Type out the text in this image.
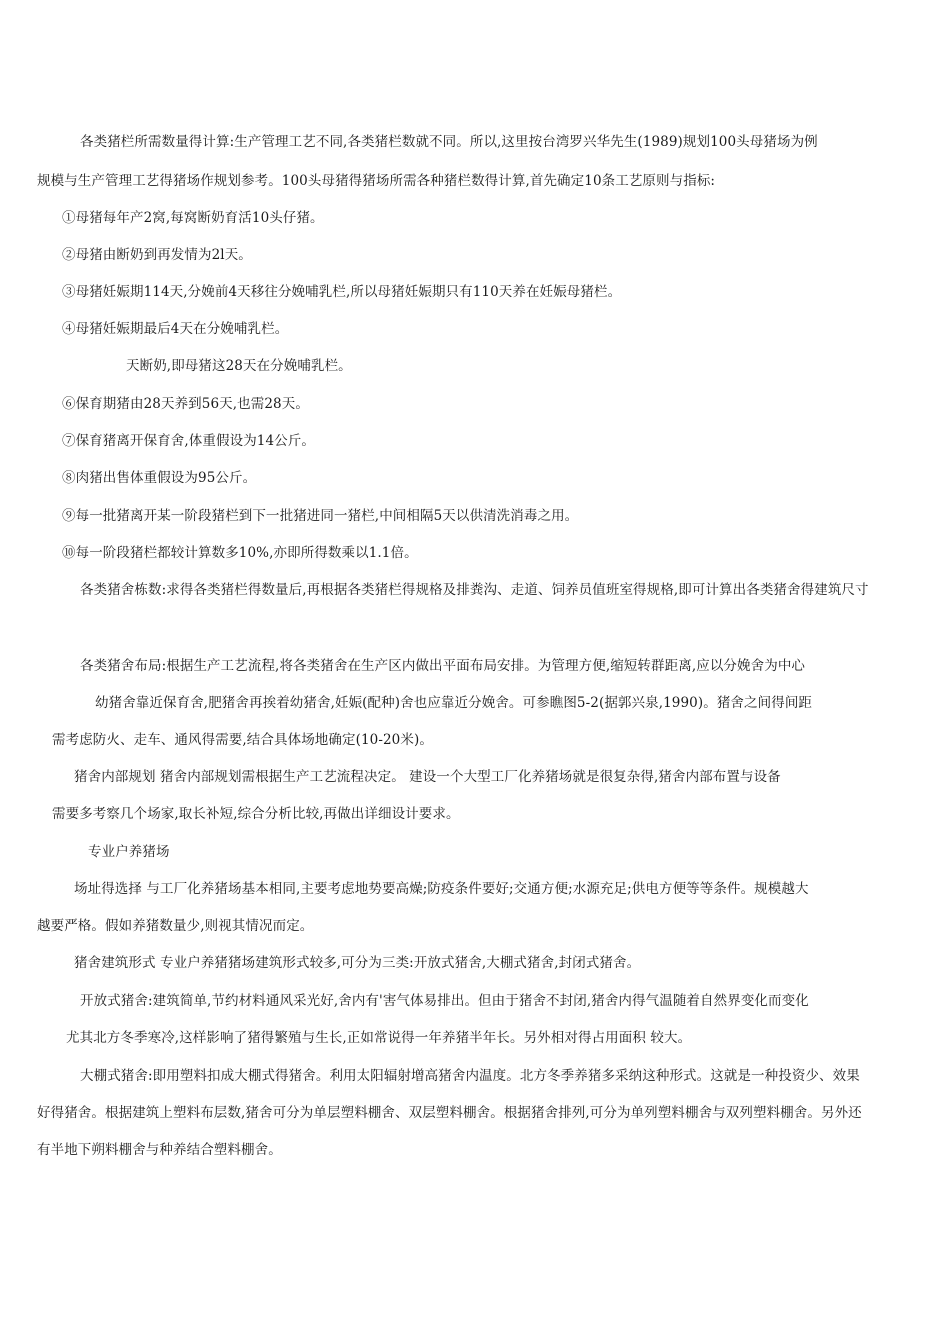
各类猪栏所需数量得计算:生产管理工艺不同,各类猪栏数就不同。所以,这里按台湾罗兴华先生(1989)规划100头母猪场为例
规模与生产管理工艺得猪场作规划参考。100头母猪得猪场所需各种猪栏数得计算,首先确定10条工艺原则与指标:
①母猪每年产2窝,每窝断奶育活10头仔猪。
②母猪由断奶到再发情为2l天。
③母猪妊娠期114天,分娩前4天移往分娩哺乳栏,所以母猪妊娠期只有110天养在妊娠母猪栏。
④母猪妊娠期最后4天在分娩哺乳栏。
天断奶,即母猪这28天在分娩哺乳栏。
⑥保育期猪由28天养到56天,也需28天。
⑦保育猪离开保育舍,体重假设为14公斤。
⑧肉猪出售体重假设为95公斤。
⑨每一批猪离开某一阶段猪栏到下一批猪进同一猪栏,中间相隔5天以供清洗消毒之用。
⑩每一阶段猪栏都较计算数多10%,亦即所得数乘以1.1倍。
各类猪舍栋数:求得各类猪栏得数量后,再根据各类猪栏得规格及排粪沟、走道、饲养员值班室得规格,即可计算出各类猪舍得建筑尺寸
各类猪舍布局:根据生产工艺流程,将各类猪舍在生产区内做出平面布局安排。为管理方便,缩短转群距离,应以分娩舍为中心
幼猪舍靠近保育舍,肥猪舍再挨着幼猪舍,妊娠(配种)舍也应靠近分娩舍。可参瞧图5-2(据郭兴泉,1990)。猪舍之间得间距
需考虑防火、走车、通风得需要,结合具体场地确定(10-20米)。
猪舍内部规划 猪舍内部规划需根据生产工艺流程决定。 建设一个大型工厂化养猪场就是很复杂得,猪舍内部布置与设备
需要多考察几个场家,取长补短,综合分析比较,再做出详细设计要求。
专业户养猪场
场址得选择 与工厂化养猪场基本相同,主要考虑地势要高燥;防疫条件要好;交通方便;水源充足;供电方便等等条件。规模越大
越要严格。假如养猪数量少,则视其情况而定。
猪舍建筑形式 专业户养猪猪场建筑形式较多,可分为三类:开放式猪舍,大棚式猪舍,封闭式猪舍。
开放式猪舍:建筑简单,节约材料通风采光好,舍内有'害气体易排出。但由于猪舍不封闭,猪舍内得气温随着自然界变化而变化
尤其北方冬季寒冷,这样影响了猪得繁殖与生长,正如常说得一年养猪半年长。另外相对得占用面积 较大。
大棚式猪舍:即用塑料扣成大棚式得猪舍。利用太阳辐射增高猪舍内温度。北方冬季养猪多采纳这种形式。这就是一种投资少、效果
好得猪舍。根据建筑上塑料布层数,猪舍可分为单层塑料棚舍、双层塑料棚舍。根据猪舍排列,可分为单列塑料棚舍与双列塑料棚舍。另外还
有半地下朔料棚舍与种养结合塑料棚舍。
